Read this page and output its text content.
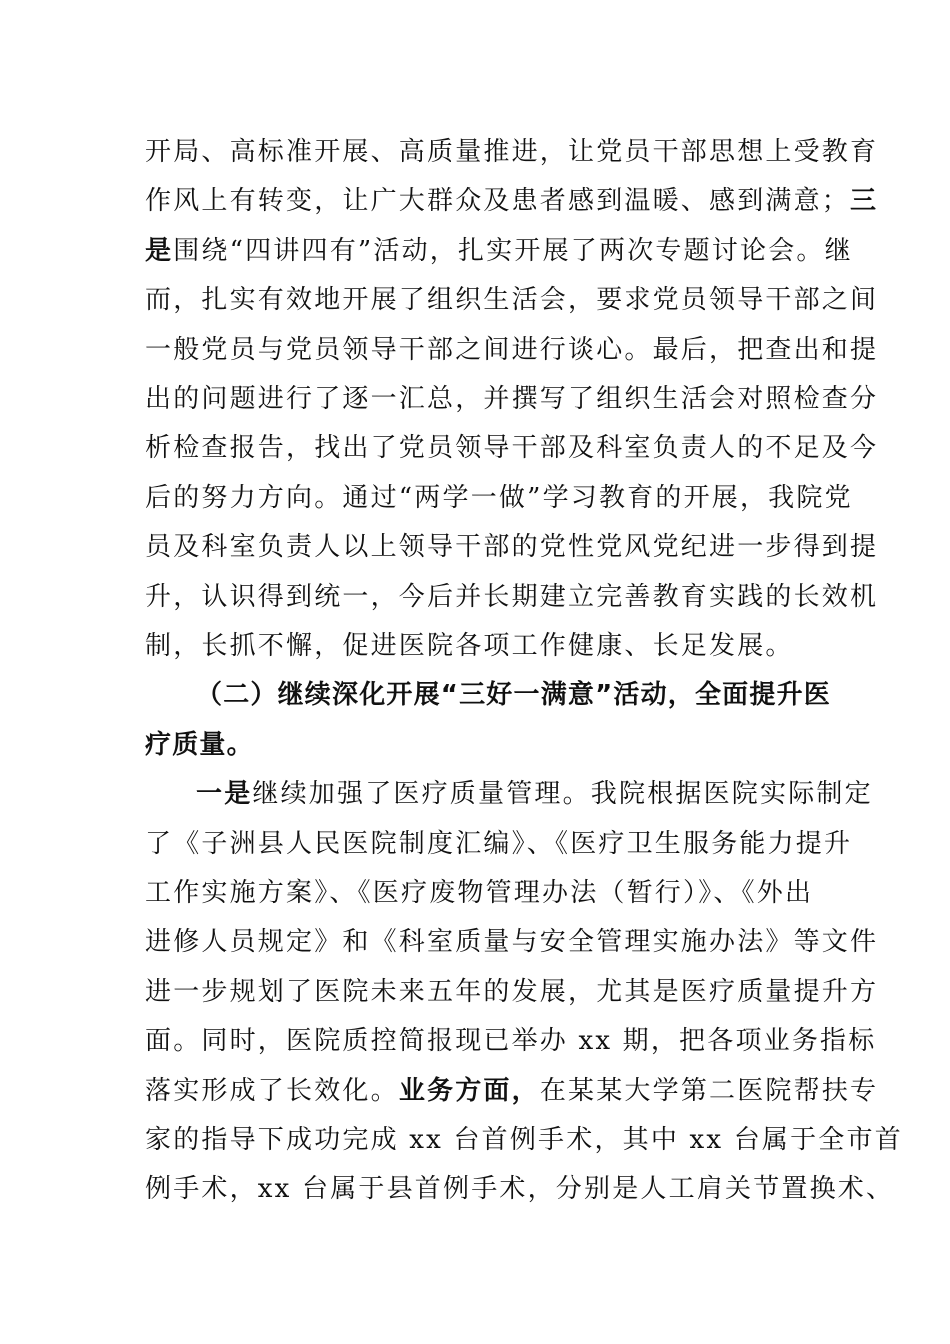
开局、高标准开展、高质量推进，让党员干部思想上受教育
作风上有转变，让广大群众及患者感到温暖、感到满意；三
是围绕“四讲四有”活动，扎实开展了两次专题讨论会。继
而，扎实有效地开展了组织生活会，要求党员领导干部之间
一般党员与党员领导干部之间进行谈心。最后，把查出和提
出的问题进行了逐一汇总，并撰写了组织生活会对照检查分
析检查报告，找出了党员领导干部及科室负责人的不足及今
后的努力方向。通过“两学一做”学习教育的开展，我院党
员及科室负责人以上领导干部的党性党风党纪进一步得到提
升，认识得到统一，今后并长期建立完善教育实践的长效机
制，长抓不懈，促进医院各项工作健康、长足发展。
（二）继续深化开展“三好一满意”活动，全面提升医
疗质量。
一是继续加强了医疗质量管理。我院根据医院实际制定
了《子洲县人民医院制度汇编》、《医疗卫生服务能力提升
工作实施方案》、《医疗废物管理办法（暂行）》、《外出
进修人员规定》和《科室质量与安全管理实施办法》等文件
进一步规划了医院未来五年的发展，尤其是医疗质量提升方
面。同时，医院质控简报现已举办 xx 期，把各项业务指标
落实形成了长效化。业务方面，在某某大学第二医院帮扶专
家的指导下成功完成 xx 台首例手术，其中 xx 台属于全市首
例手术，xx 台属于县首例手术，分别是人工肩关节置换术、
